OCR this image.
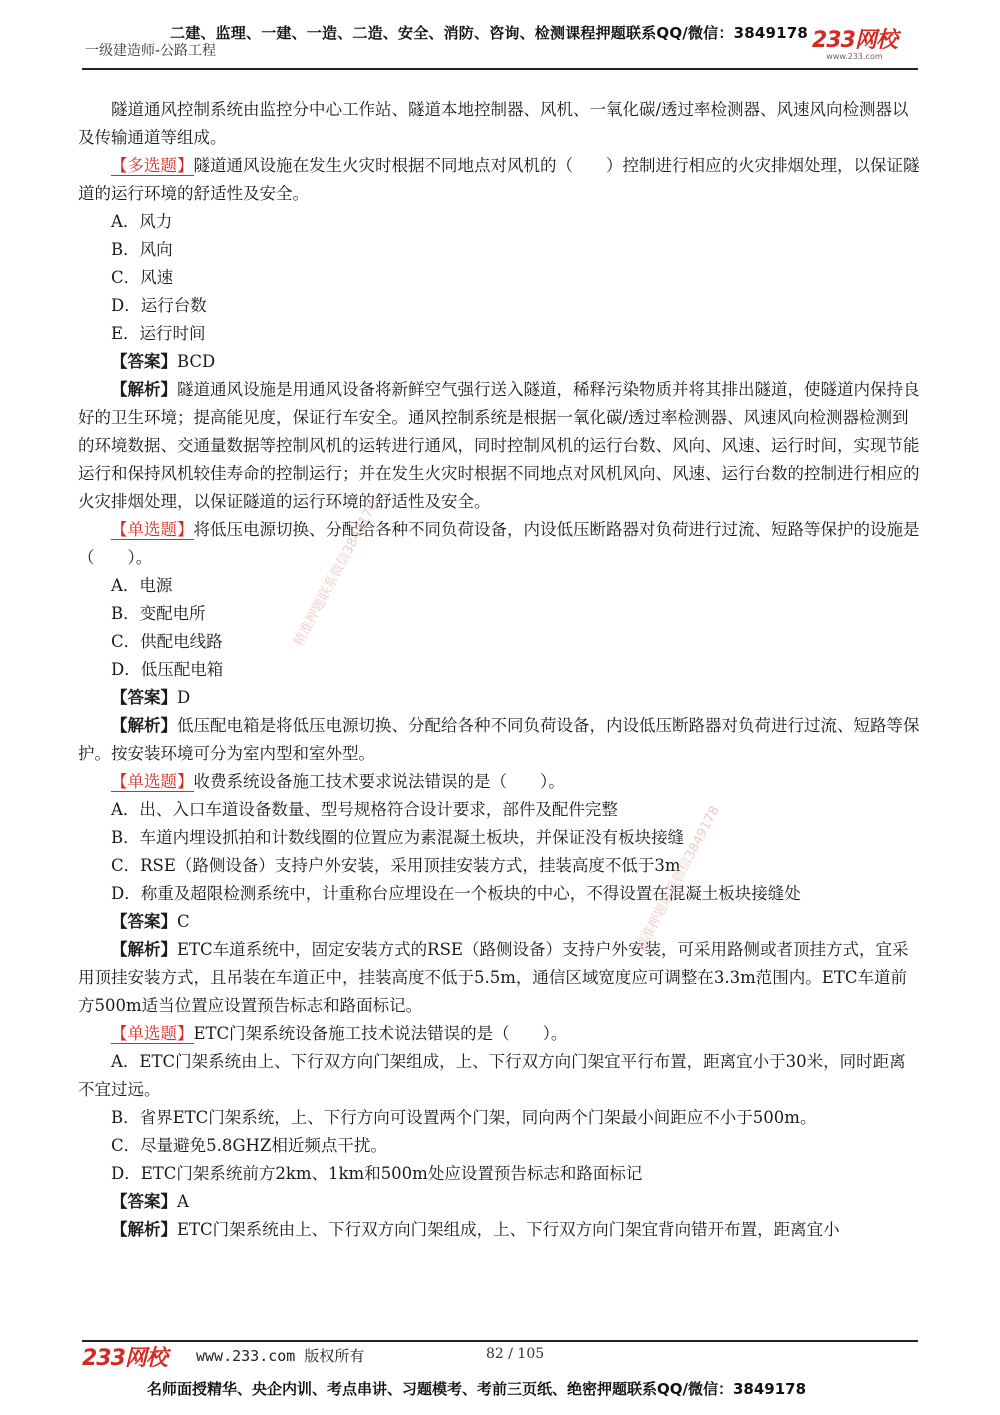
二建、监理、一建、一造、二造、安全、消防、咨询、检测课程押题联系QQ/微信：3849178
一级建造师-公路工程	233网校
www.233.com

隧道通风控制系统由监控分中心工作站、隧道本地控制器、风机、一氧化碳/透过率检测器、风速风向检测器以及传输通道等组成。

【多选题】隧道通风设施在发生火灾时根据不同地点对风机的（　　）控制进行相应的火灾排烟处理，以保证隧道的运行环境的舒适性及安全。

A．风力

B．风向

C．风速

D．运行台数

E．运行时间

【答案】BCD

【解析】隧道通风设施是用通风设备将新鲜空气强行送入隧道，稀释污染物质并将其排出隧道，使隧道内保持良好的卫生环境；提高能见度，保证行车安全。通风控制系统是根据一氧化碳/透过率检测器、风速风向检测器检测到的环境数据、交通量数据等控制风机的运转进行通风，同时控制风机的运行台数、风向、风速、运行时间，实现节能运行和保持风机较佳寿命的控制运行；并在发生火灾时根据不同地点对风机风向、风速、运行台数的控制进行相应的火灾排烟处理，以保证隧道的运行环境的舒适性及安全。

【单选题】将低压电源切换、分配给各种不同负荷设备，内设低压断路器对负荷进行过流、短路等保护的设施是（　　）。

A．电源

B．变配电所

C．供配电线路

D．低压配电箱

【答案】D

【解析】低压配电箱是将低压电源切换、分配给各种不同负荷设备，内设低压断路器对负荷进行过流、短路等保护。按安装环境可分为室内型和室外型。

【单选题】收费系统设备施工技术要求说法错误的是（　　）。

A．出、入口车道设备数量、型号规格符合设计要求，部件及配件完整

B．车道内埋设抓拍和计数线圈的位置应为素混凝土板块，并保证没有板块接缝

C．RSE（路侧设备）支持户外安装，采用顶挂安装方式，挂装高度不低于3m

D．称重及超限检测系统中，计重称台应埋设在一个板块的中心，不得设置在混凝土板块接缝处

【答案】C

【解析】ETC车道系统中，固定安装方式的RSE（路侧设备）支持户外安装，可采用路侧或者顶挂方式，宜采用顶挂安装方式，且吊装在车道正中，挂装高度不低于5.5m，通信区域宽度应可调整在3.3m范围内。ETC车道前方500m适当位置应设置预告标志和路面标记。

【单选题】ETC门架系统设备施工技术说法错误的是（　　）。

A．ETC门架系统由上、下行双方向门架组成，上、下行双方向门架宜平行布置，距离宜小于30米，同时距离不宜过远。

B．省界ETC门架系统，上、下行方向可设置两个门架，同向两个门架最小间距应不小于500m。

C．尽量避免5.8GHZ相近频点干扰。

D．ETC门架系统前方2km、1km和500m处应设置预告标志和路面标记

【答案】A

【解析】ETC门架系统由上、下行双方向门架组成，上、下行双方向门架宜背向错开布置，距离宜小

精准押题联系微信3849178
精准押题联系微信3849178
233网校 www.233.com 版权所有	82 / 105
名师面授精华、央企内训、考点串讲、习题模考、考前三页纸、绝密押题联系QQ/微信：3849178
